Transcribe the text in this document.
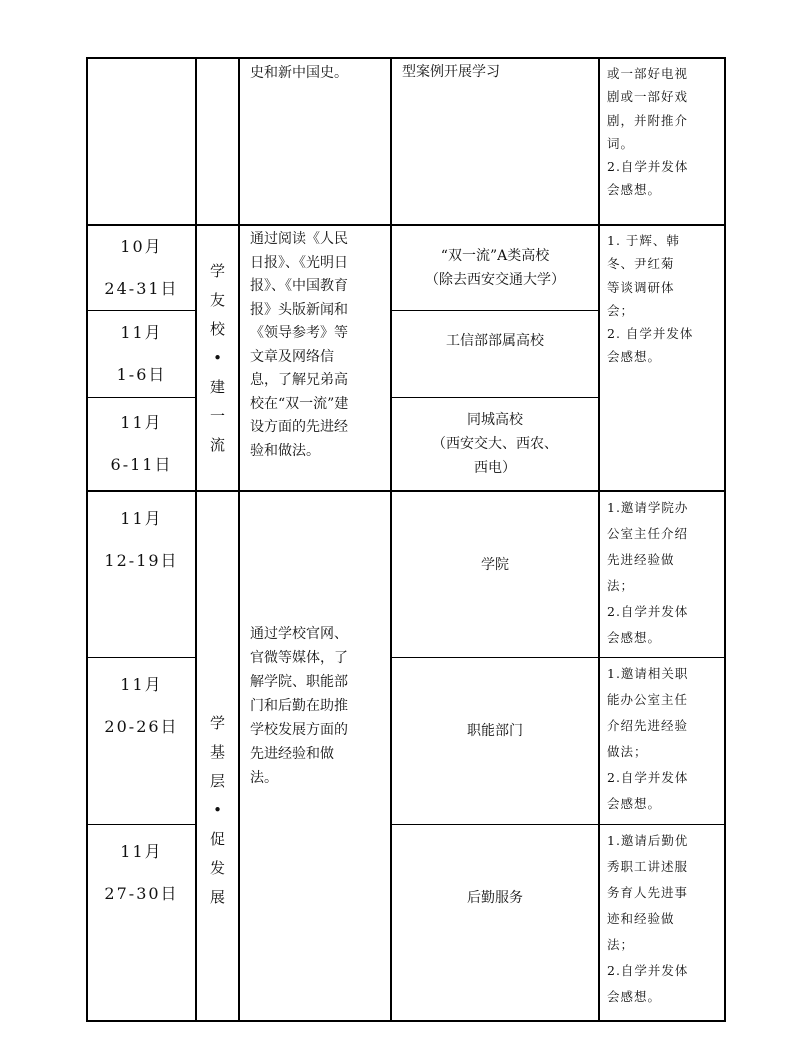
史和新中国史。	型案例开展学习	或一部好电视
剧或一部好戏
剧，并附推介
词。
2.自学并发体
会感想。
10月
24-31日
11月
1-6日
11月
6-11日
学
友
校
•
建
一
流
通过阅读《人民
日报》、《光明日
报》、《中国教育
报》头版新闻和
《领导参考》等
文章及网络信
息，了解兄弟高
校在“双一流”建
设方面的先进经
验和做法。
“双一流”A类高校
（除去西安交通大学）
工信部部属高校
同城高校
（西安交大、西农、
西电）
1. 于辉、韩
冬、尹红菊
等谈调研体
会；
2. 自学并发体
会感想。
11月
12-19日
11月
20-26日
11月
27-30日
学
基
层
•
促
发
展
通过学校官网、
官微等媒体，了
解学院、职能部
门和后勤在助推
学校发展方面的
先进经验和做
法。
学院
职能部门
后勤服务
1.邀请学院办
公室主任介绍
先进经验做
法；
2.自学并发体
会感想。
1.邀请相关职
能办公室主任
介绍先进经验
做法；
2.自学并发体
会感想。
1.邀请后勤优
秀职工讲述服
务育人先进事
迹和经验做
法；
2.自学并发体
会感想。
